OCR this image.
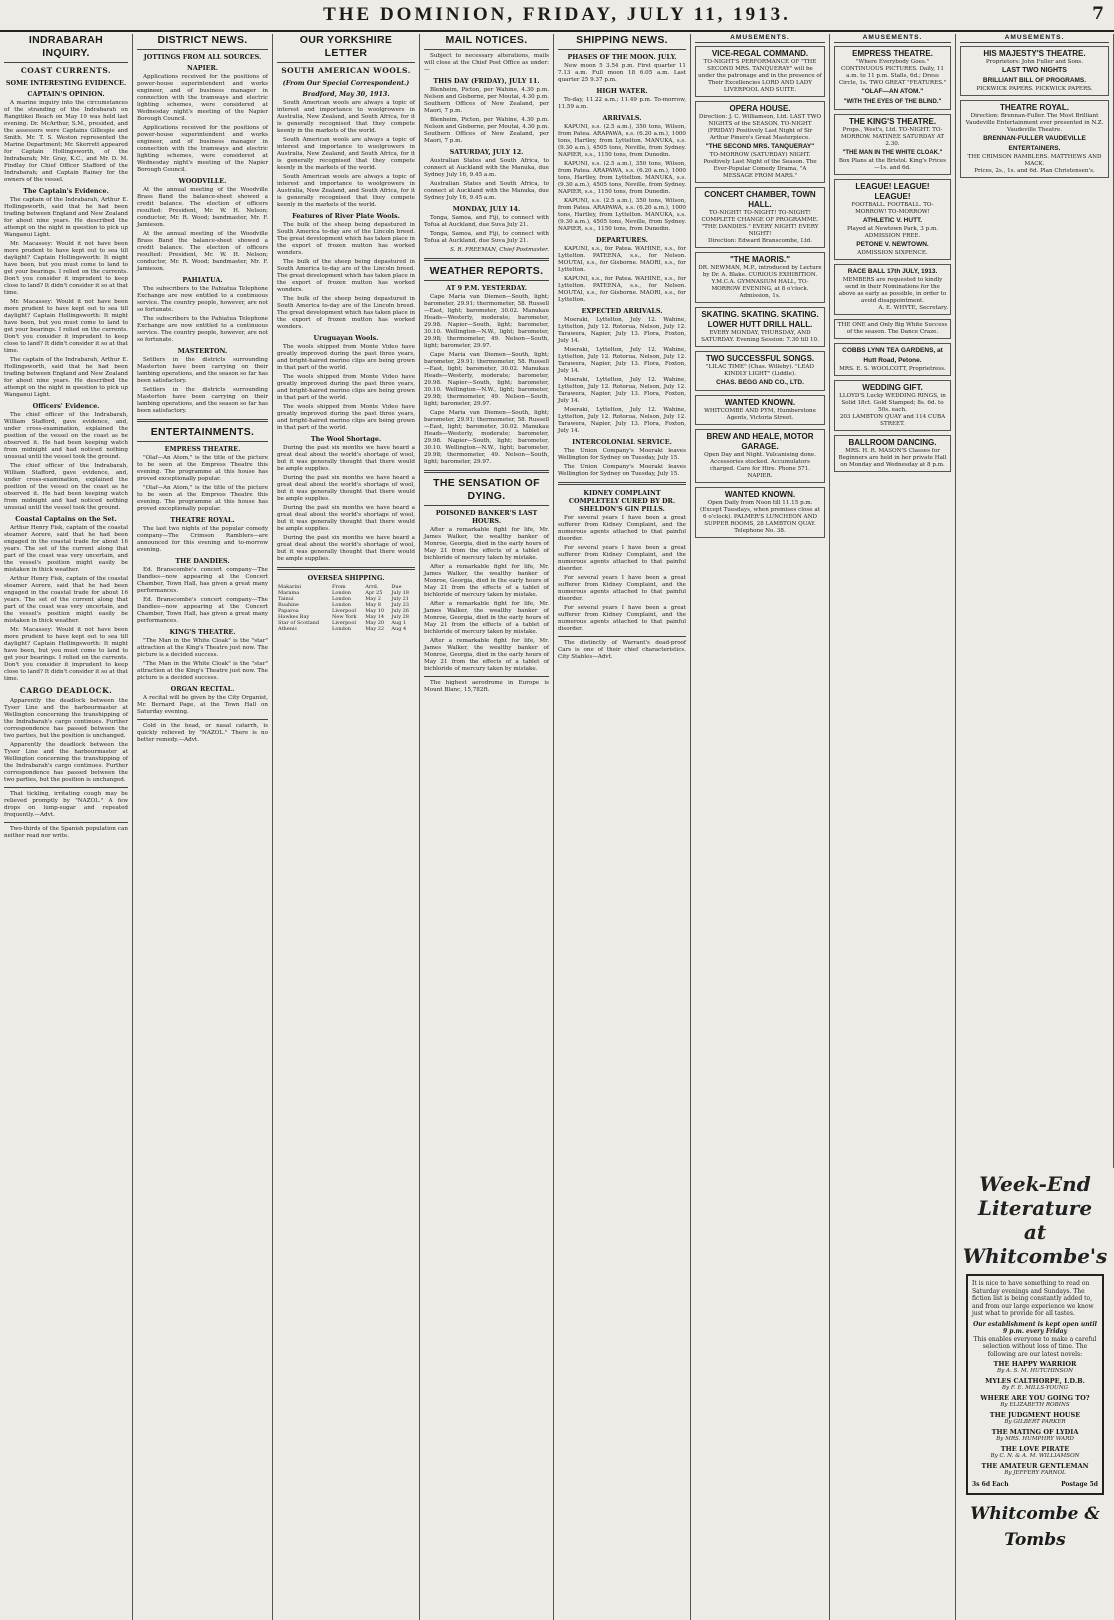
THE DOMINION, FRIDAY, JULY 11, 1913.	7
INDRABARAH INQUIRY.
COAST CURRENTS.
SOME INTERESTING EVIDENCE.
CAPTAIN'S OPINION.

A marine inquiry into the circumstances of the stranding of the Indrabarah on Rangitikei Beach on May 19 was held last evening. Dr. McArthur, S.M., presided, and the assessors were Captains Gillespie and Smith. Mr. T. S. Weston represented the Marine Department; Mr. Skerrett appeared for Captain Hollingsworth, of the Indrabarah; Mr. Gray, K.C., and Mr. D. M. Findlay for Chief Officer Stafford of the Indrabarah; and Captain Rainey for the owners of the vessel.

The Captain's Evidence.

The captain of the Indrabarah, Arthur E. Hollingsworth, said that he had been trading between England and New Zealand for about nine years. He described the attempt on the night in question to pick up Wanganui Light.

Mr. Macassey: Would it not have been more prudent to have kept out to sea till daylight? Captain Hollingsworth: It might have been, but you must come to land to get your bearings. I relied on the currents. Don't you consider it imprudent to keep close to land? It didn't consider it so at that time.

Mr. Macassey: Would it not have been more prudent to have kept out to sea till daylight? Captain Hollingsworth: It might have been, but you must come to land to get your bearings. I relied on the currents. Don't you consider it imprudent to keep close to land? It didn't consider it so at that time.

The captain of the Indrabarah, Arthur E. Hollingsworth, said that he had been trading between England and New Zealand for about nine years. He described the attempt on the night in question to pick up Wanganui Light.

Officers' Evidence.

The chief officer of the Indrabarah, William Stafford, gave evidence, and, under cross-examination, explained the position of the vessel on the coast as he observed it. He had been keeping watch from midnight and had noticed nothing unusual until the vessel took the ground.

The chief officer of the Indrabarah, William Stafford, gave evidence, and, under cross-examination, explained the position of the vessel on the coast as he observed it. He had been keeping watch from midnight and had noticed nothing unusual until the vessel took the ground.

Coastal Captains on the Set.

Arthur Henry Fisk, captain of the coastal steamer Aorere, said that he had been engaged in the coastal trade for about 16 years. The set of the current along that part of the coast was very uncertain, and the vessel's position might easily be mistaken in thick weather.

Arthur Henry Fisk, captain of the coastal steamer Aorere, said that he had been engaged in the coastal trade for about 16 years. The set of the current along that part of the coast was very uncertain, and the vessel's position might easily be mistaken in thick weather.

Mr. Macassey: Would it not have been more prudent to have kept out to sea till daylight? Captain Hollingsworth: It might have been, but you must come to land to get your bearings. I relied on the currents. Don't you consider it imprudent to keep close to land? It didn't consider it so at that time.

CARGO DEADLOCK.

Apparently the deadlock between the Tyser Line and the harbourmaster at Wellington concerning the transhipping of the Indrabarah's cargo continues. Further correspondence has passed between the two parties, but the position is unchanged.

Apparently the deadlock between the Tyser Line and the harbourmaster at Wellington concerning the transhipping of the Indrabarah's cargo continues. Further correspondence has passed between the two parties, but the position is unchanged.

That tickling, irritating cough may be relieved promptly by "NAZOL." A few drops on lump-sugar and repeated frequently.—Advt.

Two-thirds of the Spanish population can neither read nor write.

DISTRICT NEWS.
JOTTINGS FROM ALL SOURCES.
NAPIER.

Applications received for the positions of power-house superintendent and works engineer, and of business manager in connection with the tramways and electric lighting schemes, were considered at Wednesday night's meeting of the Napier Borough Council.

Applications received for the positions of power-house superintendent and works engineer, and of business manager in connection with the tramways and electric lighting schemes, were considered at Wednesday night's meeting of the Napier Borough Council.

WOODVILLE.

At the annual meeting of the Woodville Brass Band the balance-sheet showed a credit balance. The election of officers resulted: President, Mr. W. H. Nelson; conductor, Mr. R. Wood; bandmaster, Mr. F. Jamieson.

At the annual meeting of the Woodville Brass Band the balance-sheet showed a credit balance. The election of officers resulted: President, Mr. W. H. Nelson; conductor, Mr. R. Wood; bandmaster, Mr. F. Jamieson.

PAHIATUA.

The subscribers to the Pahiatua Telephone Exchange are now entitled to a continuous service. The country people, however, are not so fortunate.

The subscribers to the Pahiatua Telephone Exchange are now entitled to a continuous service. The country people, however, are not so fortunate.

MASTERTON.

Settlers in the districts surrounding Masterton have been carrying on their lambing operations, and the season so far has been satisfactory.

Settlers in the districts surrounding Masterton have been carrying on their lambing operations, and the season so far has been satisfactory.

ENTERTAINMENTS.
EMPRESS THEATRE.

"Olaf—An Atom," is the title of the picture to be seen at the Empress Theatre this evening. The programme at this house has proved exceptionally popular.

"Olaf—An Atom," is the title of the picture to be seen at the Empress Theatre this evening. The programme at this house has proved exceptionally popular.

THEATRE ROYAL.

The last two nights of the popular comedy company—The Crimson Ramblers—are announced for this evening and to-morrow evening.

THE DANDIES.

Ed. Branscombe's concert company—The Dandies—now appearing at the Concert Chamber, Town Hall, has given a great many performances.

Ed. Branscombe's concert company—The Dandies—now appearing at the Concert Chamber, Town Hall, has given a great many performances.

KING'S THEATRE.

"The Man in the White Cloak" is the "star" attraction at the King's Theatre just now. The picture is a decided success.

"The Man in the White Cloak" is the "star" attraction at the King's Theatre just now. The picture is a decided success.

ORGAN RECITAL.

A recital will be given by the City Organist, Mr. Bernard Page, at the Town Hall on Saturday evening.

Cold in the head, or nasal catarrh, is quickly relieved by "NAZOL." There is no better remedy.—Advt.

OUR YORKSHIRE LETTER
SOUTH AMERICAN WOOLS.
(From Our Special Correspondent.)
Bradford, May 30, 1913.

South American wools are always a topic of interest and importance to woolgrowers in Australia, New Zealand, and South Africa, for it is generally recognised that they compete keenly in the markets of the world.

South American wools are always a topic of interest and importance to woolgrowers in Australia, New Zealand, and South Africa, for it is generally recognised that they compete keenly in the markets of the world.

South American wools are always a topic of interest and importance to woolgrowers in Australia, New Zealand, and South Africa, for it is generally recognised that they compete keenly in the markets of the world.

Features of River Plate Wools.

The bulk of the sheep being depastured in South America to-day are of the Lincoln breed. The great development which has taken place in the export of frozen mutton has worked wonders.

The bulk of the sheep being depastured in South America to-day are of the Lincoln breed. The great development which has taken place in the export of frozen mutton has worked wonders.

The bulk of the sheep being depastured in South America to-day are of the Lincoln breed. The great development which has taken place in the export of frozen mutton has worked wonders.

Uruguayan Wools.

The wools shipped from Monte Video have greatly improved during the past three years, and bright-haired merino clips are being grown in that part of the world.

The wools shipped from Monte Video have greatly improved during the past three years, and bright-haired merino clips are being grown in that part of the world.

The wools shipped from Monte Video have greatly improved during the past three years, and bright-haired merino clips are being grown in that part of the world.

The Wool Shortage.

During the past six months we have heard a great deal about the world's shortage of wool, but it was generally thought that there would be ample supplies.

During the past six months we have heard a great deal about the world's shortage of wool, but it was generally thought that there would be ample supplies.

During the past six months we have heard a great deal about the world's shortage of wool, but it was generally thought that there would be ample supplies.

During the past six months we have heard a great deal about the world's shortage of wool, but it was generally thought that there would be ample supplies.

OVERSEA SHIPPING.
Makarini	From	Arrd.	Due
Marama	London	Apr 25	July 18
Tainui	London	May 2	July 21
Ruahine	London	May 8	July 23
Paparoa	Liverpool	May 10	July 26
Hawkes Bay	New York	May 14	July 28
Star of Scotland	Liverpool	May 20	Aug 1
Athenic	London	May 22	Aug 4
MAIL NOTICES.

Subject to necessary alterations, mails will close at the Chief Post Office as under:—

THIS DAY (FRIDAY), JULY 11.

Blenheim, Picton, per Wahine, 4.30 p.m. Nelson and Gisborne, per Moutai, 4.30 p.m. Southern Offices of New Zealand, per Maori, 7 p.m.

Blenheim, Picton, per Wahine, 4.30 p.m. Nelson and Gisborne, per Moutai, 4.30 p.m. Southern Offices of New Zealand, per Maori, 7 p.m.

SATURDAY, JULY 12.

Australian States and South Africa, to connect at Auckland with the Manuka, due Sydney July 16, 9.45 a.m.

Australian States and South Africa, to connect at Auckland with the Manuka, due Sydney July 16, 9.45 a.m.

MONDAY, JULY 14.

Tonga, Samoa, and Fiji, to connect with Tofua at Auckland, due Suva July 21.

Tonga, Samoa, and Fiji, to connect with Tofua at Auckland, due Suva July 21.

S. R. FREEMAN, Chief Postmaster.

WEATHER REPORTS.
AT 9 P.M. YESTERDAY.

Cape Maria van Diemen—South, light; barometer, 29.91; thermometer, 58. Russell—East, light; barometer, 30.02. Manukau Heads—Westerly, moderate; barometer, 29.98. Napier—South, light; barometer, 30.10. Wellington—N.W., light; barometer, 29.98; thermometer, 49. Nelson—South, light; barometer, 29.97.

Cape Maria van Diemen—South, light; barometer, 29.91; thermometer, 58. Russell—East, light; barometer, 30.02. Manukau Heads—Westerly, moderate; barometer, 29.98. Napier—South, light; barometer, 30.10. Wellington—N.W., light; barometer, 29.98; thermometer, 49. Nelson—South, light; barometer, 29.97.

Cape Maria van Diemen—South, light; barometer, 29.91; thermometer, 58. Russell—East, light; barometer, 30.02. Manukau Heads—Westerly, moderate; barometer, 29.98. Napier—South, light; barometer, 30.10. Wellington—N.W., light; barometer, 29.98; thermometer, 49. Nelson—South, light; barometer, 29.97.

THE SENSATION OF DYING.
POISONED BANKER'S LAST HOURS.

After a remarkable fight for life, Mr. James Walker, the wealthy banker of Monroe, Georgia, died in the early hours of May 21 from the effects of a tablet of bichloride of mercury taken by mistake.

After a remarkable fight for life, Mr. James Walker, the wealthy banker of Monroe, Georgia, died in the early hours of May 21 from the effects of a tablet of bichloride of mercury taken by mistake.

After a remarkable fight for life, Mr. James Walker, the wealthy banker of Monroe, Georgia, died in the early hours of May 21 from the effects of a tablet of bichloride of mercury taken by mistake.

After a remarkable fight for life, Mr. James Walker, the wealthy banker of Monroe, Georgia, died in the early hours of May 21 from the effects of a tablet of bichloride of mercury taken by mistake.

The highest aerodrome in Europe is Mount Blanc, 15,782ft.

SHIPPING NEWS.
PHASES OF THE MOON. JULY.

New moon 5 3.54 p.m. First quarter 11 7.13 a.m. Full moon 18 6.05 a.m. Last quarter 25 9.37 p.m.

HIGH WATER.

To-day, 11.22 a.m.; 11.49 p.m. To-morrow, 11.59 a.m.

ARRIVALS.

KAPUNI, s.s. (2.5 a.m.), 350 tons, Wilson, from Patea. ARAPAWA, s.s. (6.20 a.m.), 1000 tons, Hartley, from Lyttelton. MANUKA, s.s. (9.30 a.m.), 4505 tons, Neville, from Sydney. NAPIER, s.s., 1150 tons, from Dunedin.

KAPUNI, s.s. (2.5 a.m.), 350 tons, Wilson, from Patea. ARAPAWA, s.s. (6.20 a.m.), 1000 tons, Hartley, from Lyttelton. MANUKA, s.s. (9.30 a.m.), 4505 tons, Neville, from Sydney. NAPIER, s.s., 1150 tons, from Dunedin.

KAPUNI, s.s. (2.5 a.m.), 350 tons, Wilson, from Patea. ARAPAWA, s.s. (6.20 a.m.), 1000 tons, Hartley, from Lyttelton. MANUKA, s.s. (9.30 a.m.), 4505 tons, Neville, from Sydney. NAPIER, s.s., 1150 tons, from Dunedin.

DEPARTURES.

KAPUNI, s.s., for Patea. WAHINE, s.s., for Lyttelton. PATEENA, s.s., for Nelson. MOUTAI, s.s., for Gisborne. MAORI, s.s., for Lyttelton.

KAPUNI, s.s., for Patea. WAHINE, s.s., for Lyttelton. PATEENA, s.s., for Nelson. MOUTAI, s.s., for Gisborne. MAORI, s.s., for Lyttelton.

EXPECTED ARRIVALS.

Moeraki, Lyttelton, July 12. Wahine, Lyttelton, July 12. Rotorua, Nelson, July 12. Tarawera, Napier, July 13. Flora, Foxton, July 14.

Moeraki, Lyttelton, July 12. Wahine, Lyttelton, July 12. Rotorua, Nelson, July 12. Tarawera, Napier, July 13. Flora, Foxton, July 14.

Moeraki, Lyttelton, July 12. Wahine, Lyttelton, July 12. Rotorua, Nelson, July 12. Tarawera, Napier, July 13. Flora, Foxton, July 14.

Moeraki, Lyttelton, July 12. Wahine, Lyttelton, July 12. Rotorua, Nelson, July 12. Tarawera, Napier, July 13. Flora, Foxton, July 14.

INTERCOLONIAL SERVICE.

The Union Company's Moeraki leaves Wellington for Sydney on Tuesday, July 15.

The Union Company's Moeraki leaves Wellington for Sydney on Tuesday, July 15.

KIDNEY COMPLAINT COMPLETELY CURED BY DR. SHELDON'S GIN PILLS.

For several years I have been a great sufferer from Kidney Complaint, and the numerous agents attached to that painful disorder.

For several years I have been a great sufferer from Kidney Complaint, and the numerous agents attached to that painful disorder.

For several years I have been a great sufferer from Kidney Complaint, and the numerous agents attached to that painful disorder.

For several years I have been a great sufferer from Kidney Complaint, and the numerous agents attached to that painful disorder.

The distinctly of Warrant's dead-proof Cars is one of their chief characteristics. City Stables—Advt.

AMUSEMENTS.
VICE-REGAL COMMAND.
TO-NIGHT'S PERFORMANCE OF "THE SECOND MRS. TANQUERAY" will be under the patronage and in the presence of Their Excellencies LORD AND LADY LIVERPOOL AND SUITE.
OPERA HOUSE.
Direction: J. C. Williamson, Ltd. LAST TWO NIGHTS of the SEASON. TO-NIGHT (FRIDAY) Positively Last Night of Sir Arthur Pinero's Great Masterpiece.
"THE SECOND MRS. TANQUERAY"
TO-MORROW (SATURDAY) NIGHT. Positively Last Night of the Season. The Ever-Popular Comedy Drama, "A MESSAGE FROM MARS."
CONCERT CHAMBER, TOWN HALL.
TO-NIGHT! TO-NIGHT! TO-NIGHT! COMPLETE CHANGE OF PROGRAMME. "THE DANDIES." EVERY NIGHT! EVERY NIGHT!
Direction: Edward Branscombe, Ltd.
"THE MAORIS."
DR. NEWMAN, M.P., introduced by Lecture by Dr. A. Blake. CURIOUS EXHIBITION. Y.M.C.A. GYMNASIUM HALL, TO-MORROW EVENING, at 8 o'clock. Admission, 1s.
SKATING. SKATING. SKATING. LOWER HUTT DRILL HALL.
EVERY MONDAY, THURSDAY, AND SATURDAY. Evening Session: 7.30 till 10.
TWO SUCCESSFUL SONGS.
"LILAC TIME" (Chas. Willeby). "LEAD KINDLY LIGHT" (Liddle).
CHAS. BEGG AND CO., LTD.
WANTED KNOWN.
WHITCOMBE AND PYM, Humberstone Agents, Victoria Street.
BREW AND HEALE, MOTOR GARAGE.
Open Day and Night. Vulcanising done. Accessories stocked. Accumulators charged. Care for Hire. Phone 571. NAPIER.
WANTED KNOWN.
Open Daily from Noon till 11.15 p.m. (Except Tuesdays, when premises close at 6 o'clock). PALMER'S LUNCHEON AND SUPPER ROOMS, 28 LAMBTON QUAY. Telephone No. 38.
AMUSEMENTS.
EMPRESS THEATRE.
"Where Everybody Goes." CONTINUOUS PICTURES. Daily, 11 a.m. to 11 p.m. Stalls, 6d.; Dress Circle, 1s. TWO GREAT "FEATURES."
"OLAF—AN ATOM."
"WITH THE EYES OF THE BLIND."
THE KING'S THEATRE.
Props., West's, Ltd. TO-NIGHT. TO-MORROW. MATINEE SATURDAY AT 2.30.
"THE MAN IN THE WHITE CLOAK."
Box Plans at the Bristol. King's Prices—1s. and 6d.
LEAGUE! LEAGUE! LEAGUE!
FOOTBALL. FOOTBALL. TO-MORROW! TO-MORROW!
ATHLETIC V. HUTT.
Played at Newtown Park, 3 p.m.
ADMISSION FREE.
PETONE V. NEWTOWN.
ADMISSION SIXPENCE.
RACE BALL 17th JULY, 1913.
MEMBERS are requested to kindly send in their Nominations for the above as early as possible, in order to avoid disappointment.
A. E. WHYTE, Secretary.
THE ONE and Only Big White Success of the season. The Dance Craze.
COBBS LYNN TEA GARDENS, at Hutt Road, Petone.
MRS. E. S. WOOLCOTT, Proprietress.
WEDDING GIFT.
LLOYD'S Lucky WEDDING RINGS, in Solid 18ct. Gold Stamped; 8s. 6d. to 50s. each.
203 LAMBTON QUAY and 114 CUBA STREET.
BALLROOM DANCING.
MRS. H. R. MASON'S Classes for Beginners are held in her private Hall on Monday and Wednesday at 8 p.m.
AMUSEMENTS.
HIS MAJESTY'S THEATRE.
Proprietors: John Fuller and Sons.
LAST TWO NIGHTS
BRILLIANT BILL OF PROGRAMS.
PICKWICK PAPERS. PICKWICK PAPERS.
THEATRE ROYAL.
Direction: Brennan-Fuller. The Most Brilliant Vaudeville Entertainment ever presented in N.Z. Vaudeville Theatre.
BRENNAN-FULLER VAUDEVILLE ENTERTAINERS.
THE CRIMSON RAMBLERS. MATTHEWS AND MACK.
Prices, 2s., 1s. and 6d. Plan Christensen's.
Week-End Literature
at Whitcombe's
It is nice to have something to read on Saturday evenings and Sundays. The fiction list is being constantly added to, and from our large experience we know just what to provide for all tastes.
Our establishment is kept open until 9 p.m. every Friday
This enables everyone to make a careful selection without loss of time. The following are our latest novels:
THE HAPPY WARRIOR
By A. S. M. HUTCHINSON
MYLES CALTHORPE, I.D.B.
By F. E. MILLS-YOUNG
WHERE ARE YOU GOING TO?
By ELIZABETH ROBINS
THE JUDGMENT HOUSE
By GILBERT PARKER
THE MATING OF LYDIA
By MRS. HUMPHRY WARD
THE LOVE PIRATE
By C. N. & A. M. WILLIAMSON
THE AMATEUR GENTLEMAN
By JEFFERY FARNOL
3s 6d Each	Postage 5d
Whitcombe & Tombs
